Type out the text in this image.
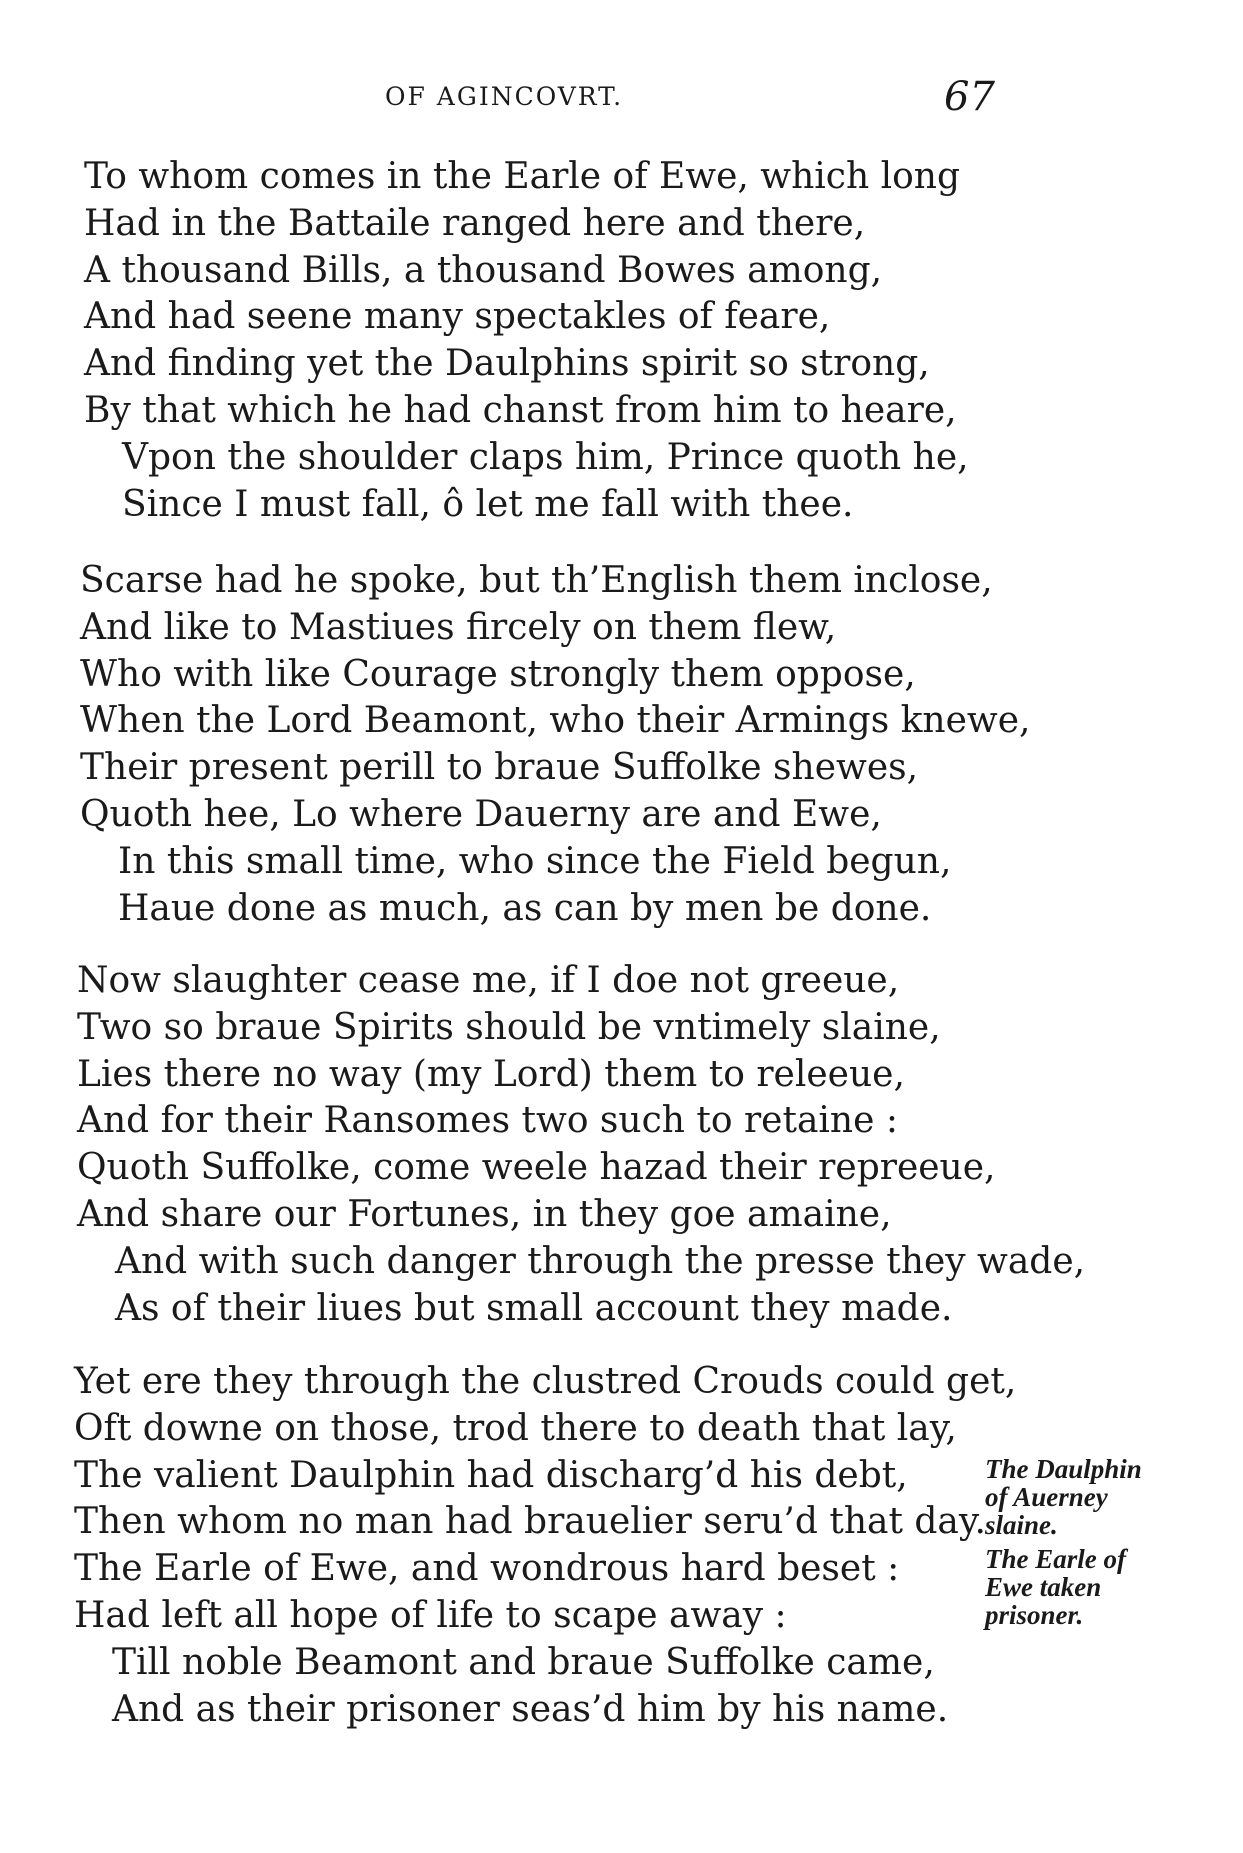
OF AGINCOVRT.	67
To whom comes in the Earle of Ewe, which long
Had in the Battaile ranged here and there,
A thousand Bills, a thousand Bowes among,
And had seene many spectakles of feare,
And finding yet the Daulphins spirit so strong,
By that which he had chanst from him to heare,
Vpon the shoulder claps him, Prince quoth he,
Since I must fall, ô let me fall with thee.
Scarse had he spoke, but th’English them inclose,
And like to Mastiues fircely on them flew,
Who with like Courage strongly them oppose,
When the Lord Beamont, who their Armings knewe,
Their present perill to braue Suffolke shewes,
Quoth hee, Lo where Dauerny are and Ewe,
In this small time, who since the Field begun,
Haue done as much, as can by men be done.
Now slaughter cease me, if I doe not greeue,
Two so braue Spirits should be vntimely slaine,
Lies there no way (my Lord) them to releeue,
And for their Ransomes two such to retaine :
Quoth Suffolke, come weele hazad their repreeue,
And share our Fortunes, in they goe amaine,
And with such danger through the presse they wade,
As of their liues but small account they made.
Yet ere they through the clustred Crouds could get,
Oft downe on those, trod there to death that lay,
The valient Daulphin had discharg’d his debt,
Then whom no man had brauelier seru’d that day.
The Earle of Ewe, and wondrous hard beset :
Had left all hope of life to scape away :
Till noble Beamont and braue Suffolke came,
And as their prisoner seas’d him by his name.
The Daulphin
of Auerney
slaine.
The Earle of
Ewe taken
prisoner.
